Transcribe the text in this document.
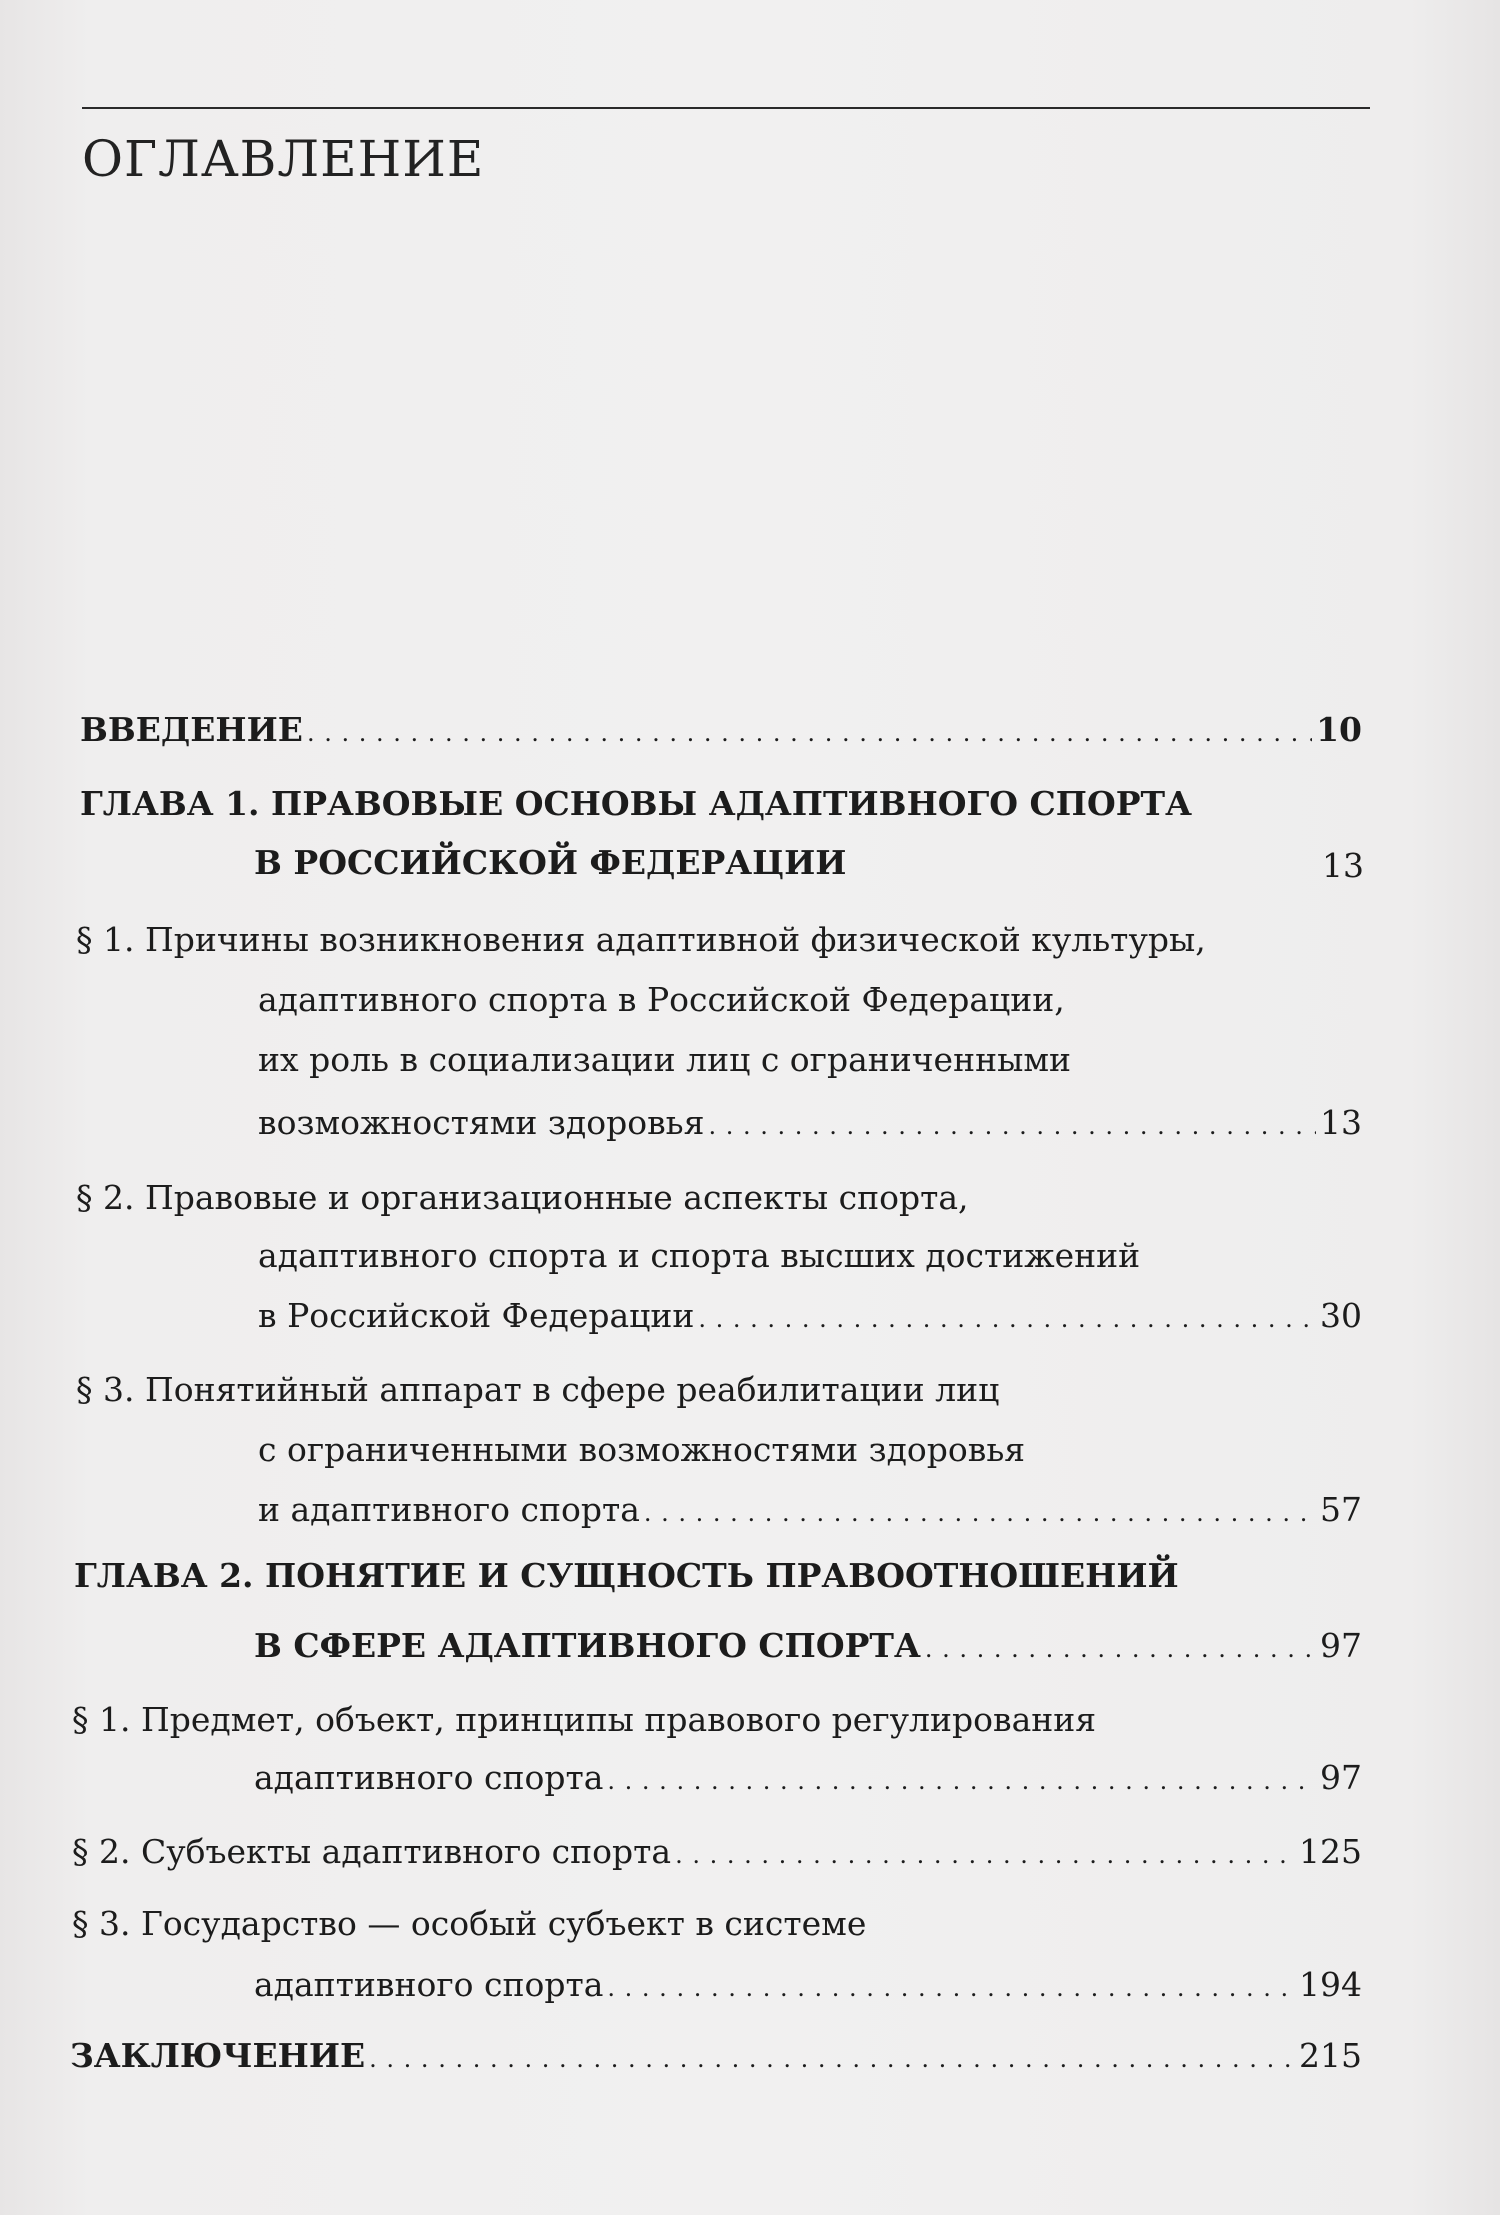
ОГЛАВЛЕНИЕ
ВВЕДЕНИЕ . . .	10
ГЛАВА 1. ПРАВОВЫЕ ОСНОВЫ АДАПТИВНОГО СПОРТА
В РОССИЙСКОЙ ФЕДЕРАЦИИ	13
§ 1. Причины возникновения адаптивной физической культуры,
адаптивного спорта в Российской Федерации,
их роль в социализации лиц с ограниченными
возможностями здоровья . . .	13
§ 2. Правовые и организационные аспекты спорта,
адаптивного спорта и спорта высших достижений
в Российской Федерации . . .	30
§ 3. Понятийный аппарат в сфере реабилитации лиц
с ограниченными возможностями здоровья
и адаптивного спорта . . .	57
ГЛАВА 2. ПОНЯТИЕ И СУЩНОСТЬ ПРАВООТНОШЕНИЙ
В СФЕРЕ АДАПТИВНОГО СПОРТА . . .	97
§ 1. Предмет, объект, принципы правового регулирования
адаптивного спорта . . .	97
§ 2. Субъекты адаптивного спорта . . .	125
§ 3. Государство — особый субъект в системе
адаптивного спорта . . .	194
ЗАКЛЮЧЕНИЕ . . .	215
